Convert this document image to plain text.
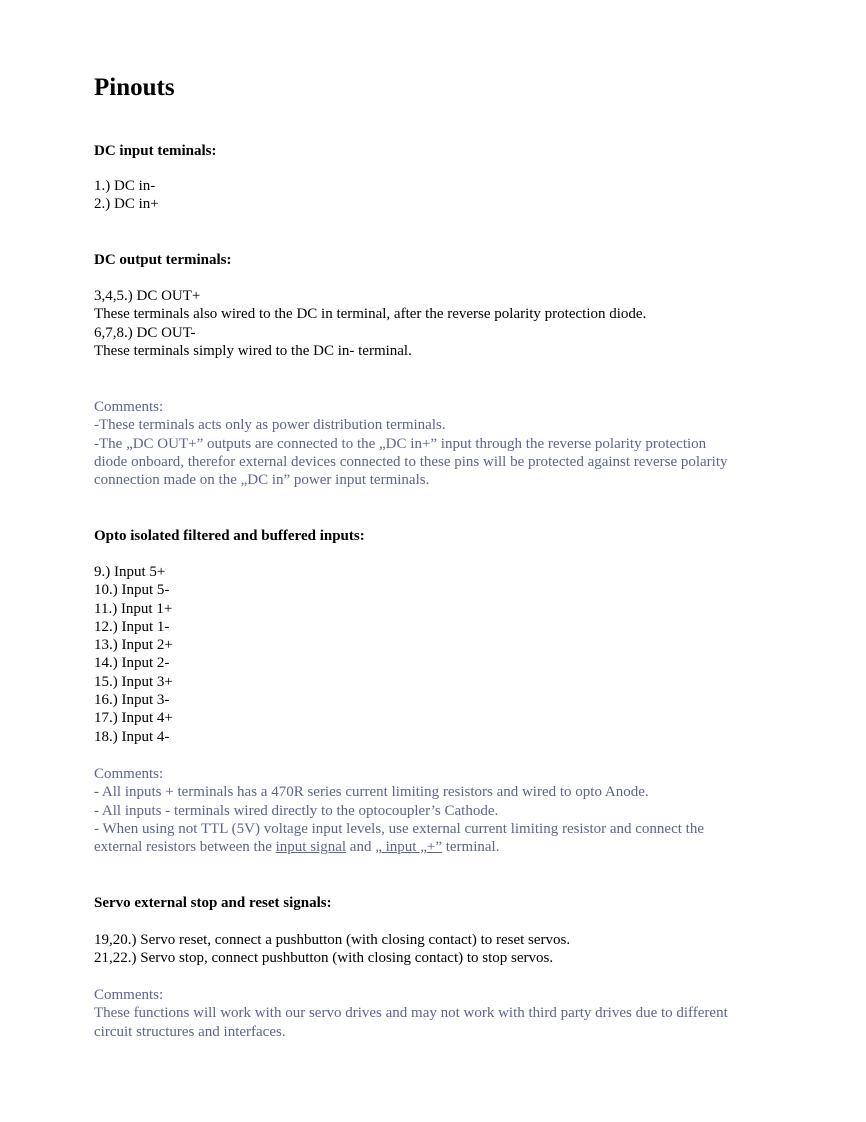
Pinouts
DC input teminals:
1.) DC in-
2.) DC in+
DC output terminals:
3,4,5.) DC OUT+
These terminals also wired to the DC in terminal, after the reverse polarity protection diode.
6,7,8.) DC OUT-
These terminals simply wired to the DC in- terminal.
Comments:
-These terminals acts only as power distribution terminals.
-The „DC OUT+” outputs are connected to the „DC in+” input through the reverse polarity protection
diode onboard, therefor external devices connected to these pins will be protected against reverse polarity
connection made on the „DC in” power input terminals.
Opto isolated filtered and buffered inputs:
9.) Input 5+
10.) Input 5-
11.) Input 1+
12.) Input 1-
13.) Input 2+
14.) Input 2-
15.) Input 3+
16.) Input 3-
17.) Input 4+
18.) Input 4-
Comments:
- All inputs + terminals has a 470R series current limiting resistors and wired to opto Anode.
- All inputs - terminals wired directly to the optocoupler’s Cathode.
- When using not TTL (5V) voltage input levels, use external current limiting resistor and connect the
external resistors between the input signal and „ input „+” terminal.
Servo external stop and reset signals:
19,20.) Servo reset, connect a pushbutton (with closing contact) to reset servos.
21,22.) Servo stop, connect pushbutton (with closing contact) to stop servos.
Comments:
These functions will work with our servo drives and may not work with third party drives due to different
circuit structures and interfaces.
